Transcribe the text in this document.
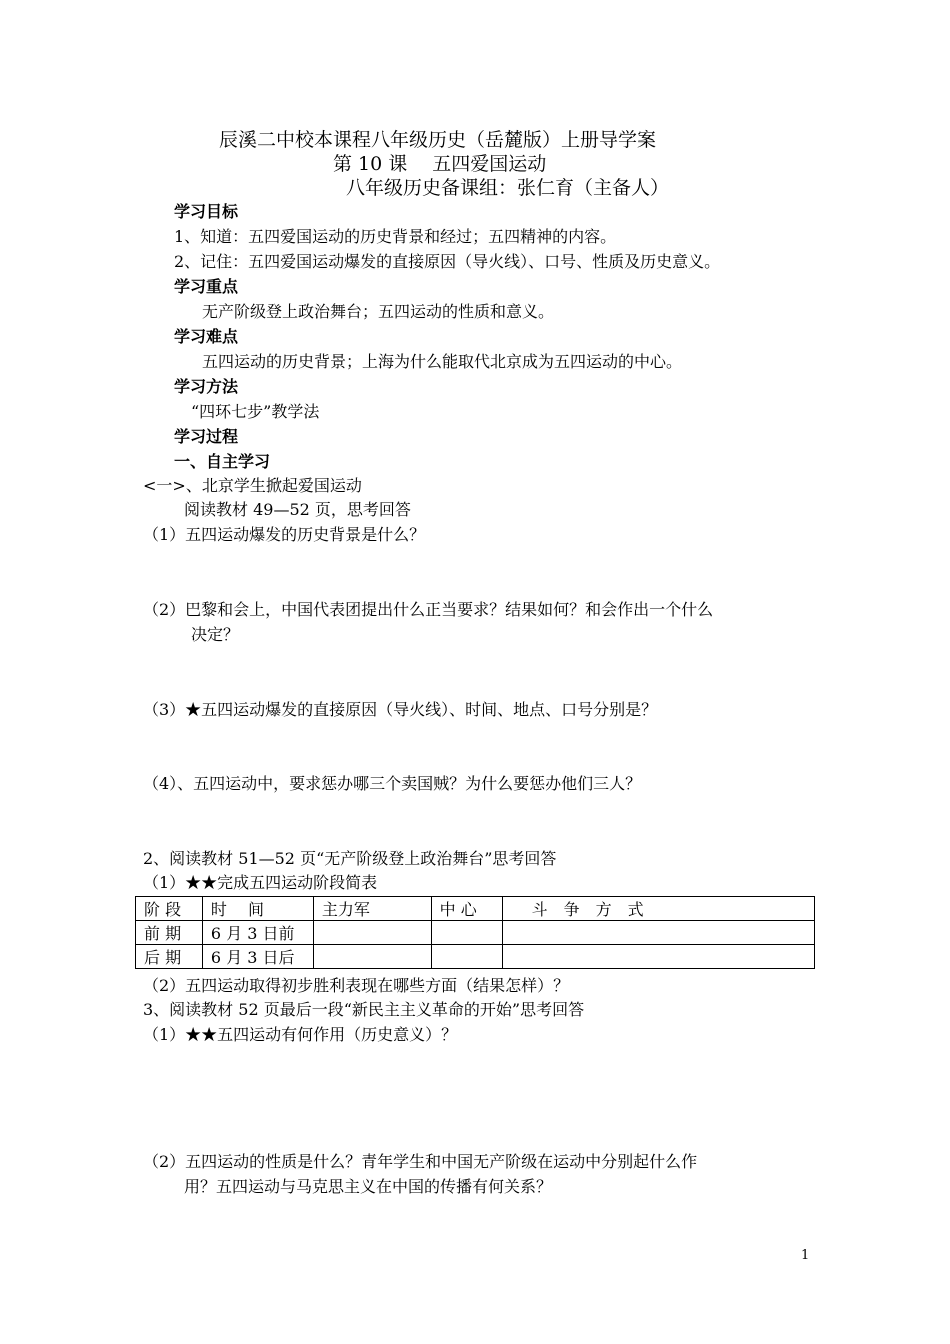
辰溪二中校本课程八年级历史（岳麓版）上册导学案
第 10 课　 五四爱国运动
八年级历史备课组：张仁育（主备人）
学习目标
1、知道：五四爱国运动的历史背景和经过；五四精神的内容。
2、记住：五四爱国运动爆发的直接原因（导火线）、口号、性质及历史意义。
学习重点
无产阶级登上政治舞台；五四运动的性质和意义。
学习难点
五四运动的历史背景；上海为什么能取代北京成为五四运动的中心。
学习方法
“四环七步”教学法
学习过程
一、自主学习
<一>、北京学生掀起爱国运动
阅读教材 49—52 页，思考回答
（1）五四运动爆发的历史背景是什么？
（2）巴黎和会上，中国代表团提出什么正当要求？结果如何？和会作出一个什么
决定？
（3）★五四运动爆发的直接原因（导火线）、时间、地点、口号分别是？
（4）、五四运动中，要求惩办哪三个卖国贼？为什么要惩办他们三人？
2、阅读教材 51—52 页“无产阶级登上政治舞台”思考回答
（1）★★完成五四运动阶段简表
阶 段	时　 间	主力军	中 心	　 斗　争　方　式
前 期	6 月 3 日前			
后 期	6 月 3 日后			
（2）五四运动取得初步胜利表现在哪些方面（结果怎样）？
3、阅读教材 52 页最后一段“新民主主义革命的开始”思考回答
（1）★★五四运动有何作用（历史意义）？
（2）五四运动的性质是什么？青年学生和中国无产阶级在运动中分别起什么作
用？五四运动与马克思主义在中国的传播有何关系？
1
